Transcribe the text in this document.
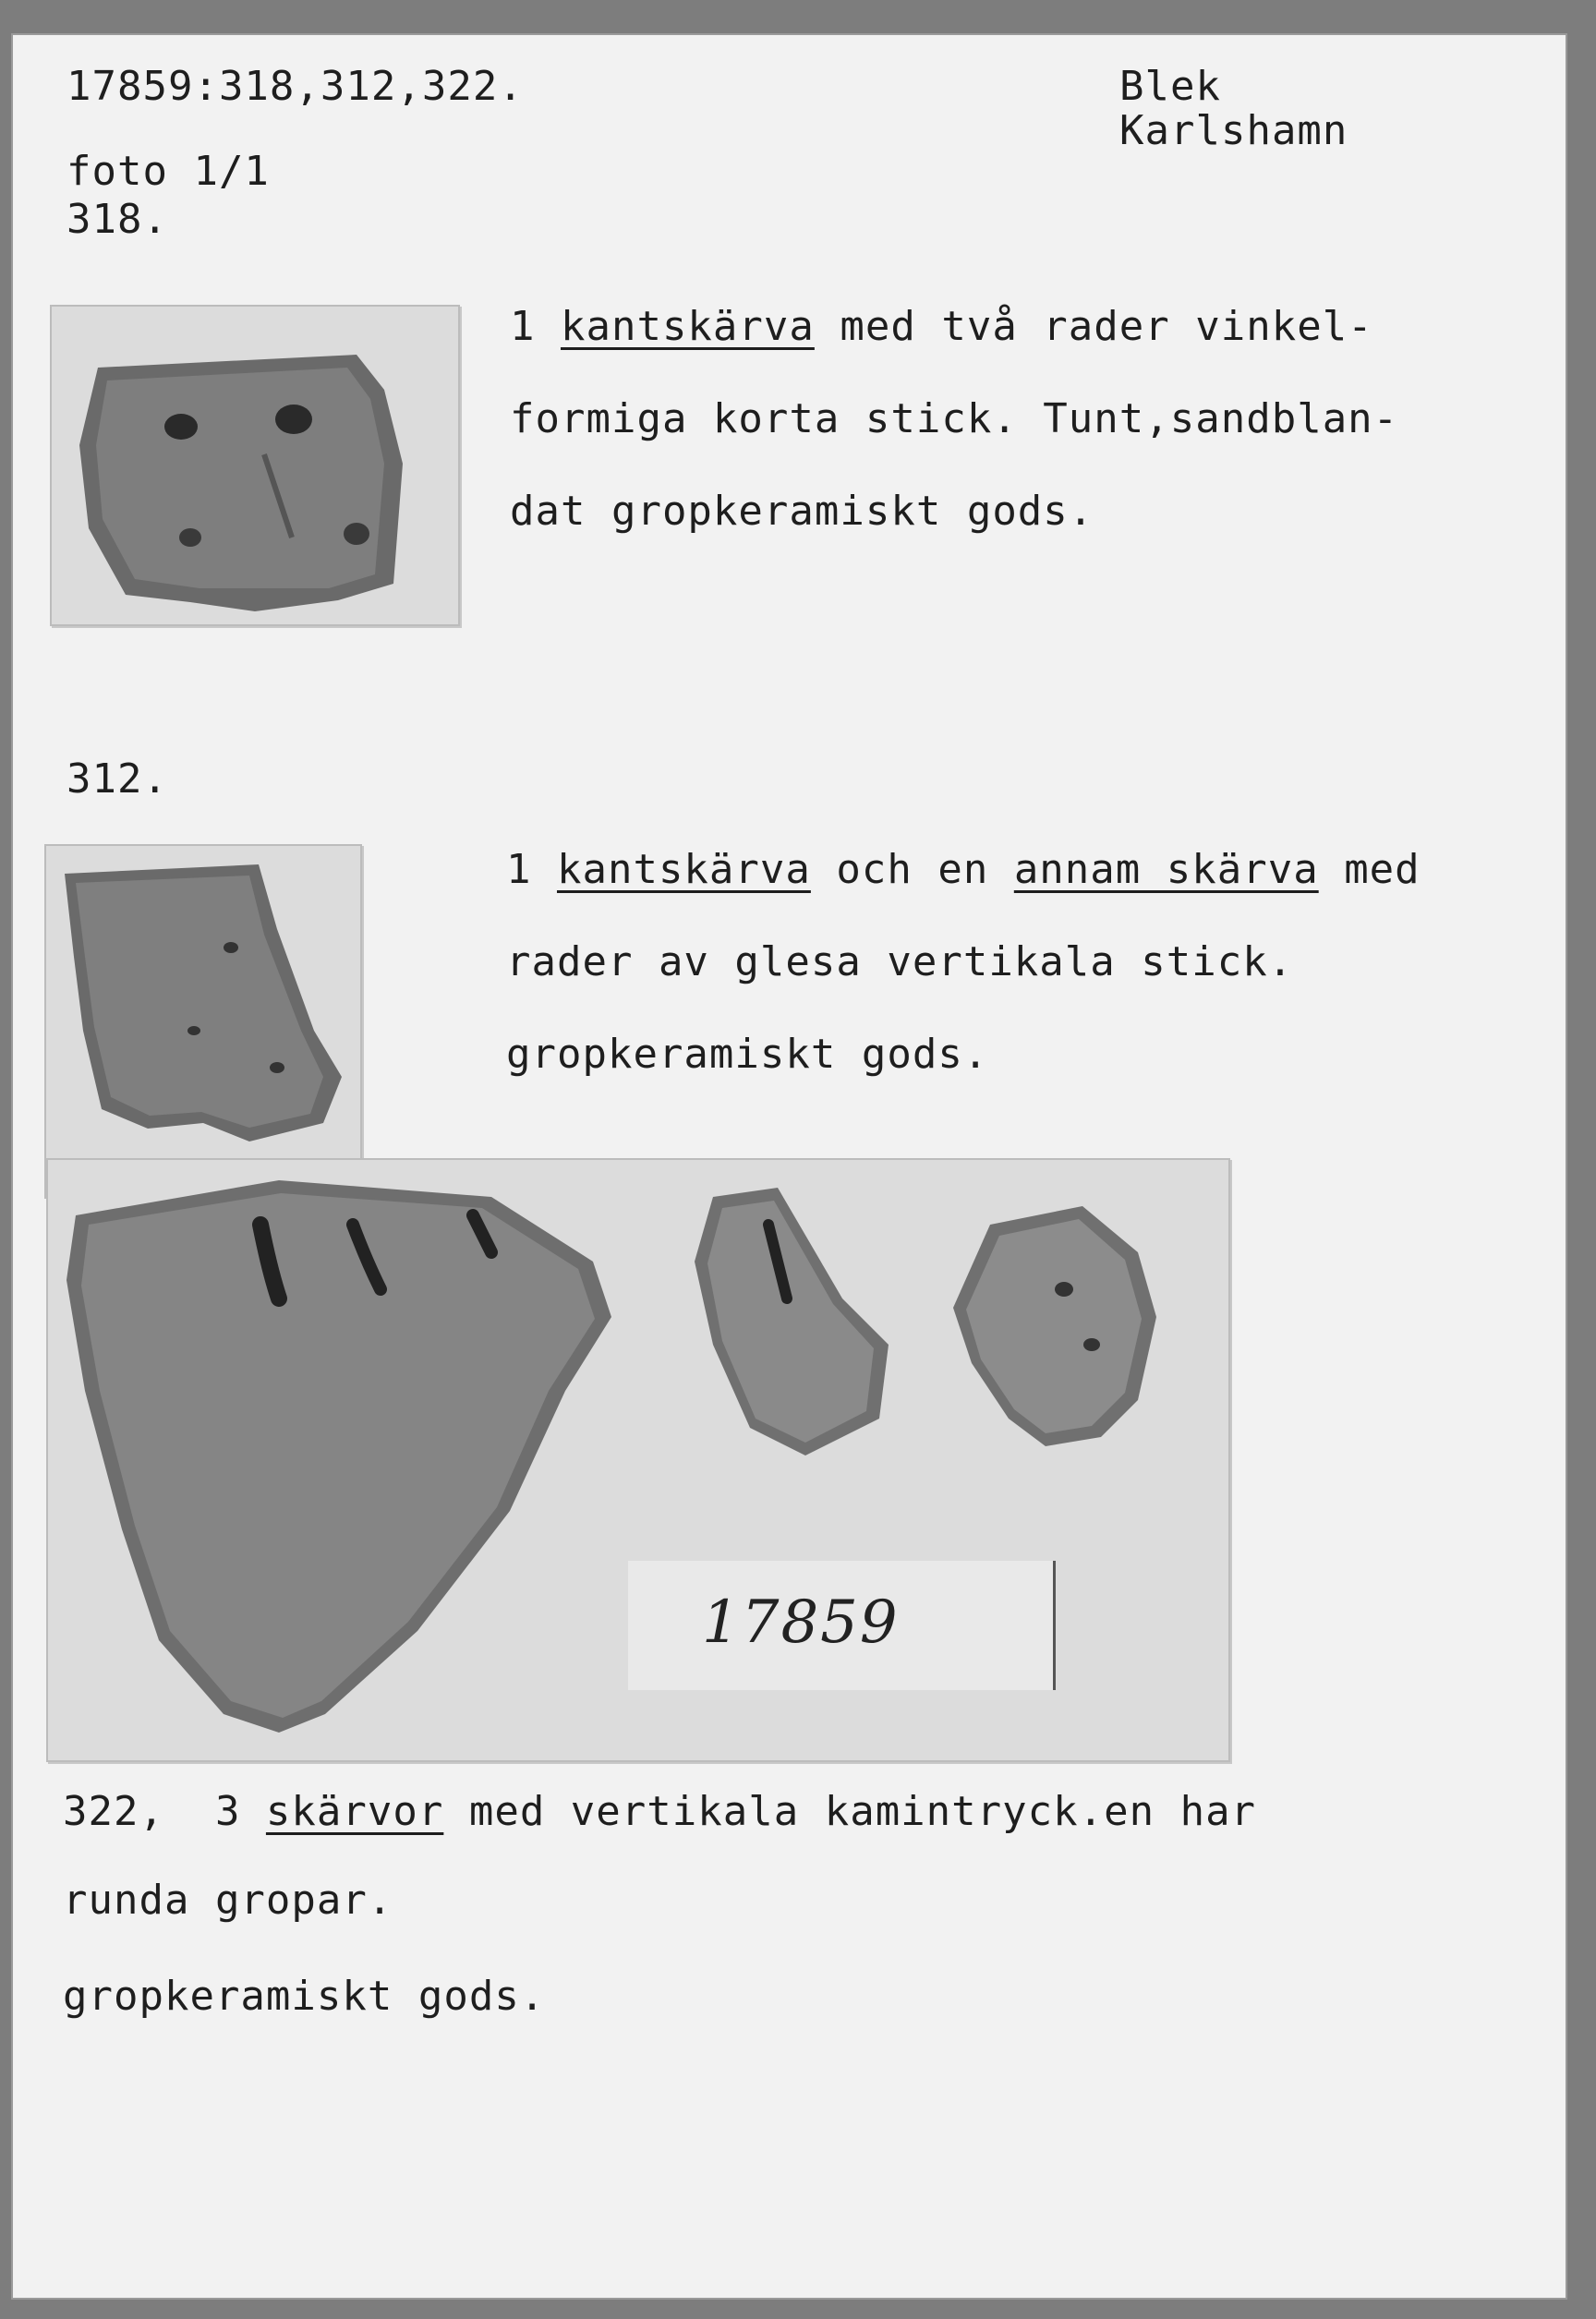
17859:318,312,322.	Blek
Karlshamn
foto 1/1
318.
1 kantskärva med två rader vinkel-
formiga korta stick. Tunt,sandblan-
dat gropkeramiskt gods.
312.
1 kantskärva och en annam skärva med
rader av glesa vertikala stick.
gropkeramiskt gods.
17859
322,  3 skärvor med vertikala kamintryck.en har
runda gropar.
gropkeramiskt gods.
